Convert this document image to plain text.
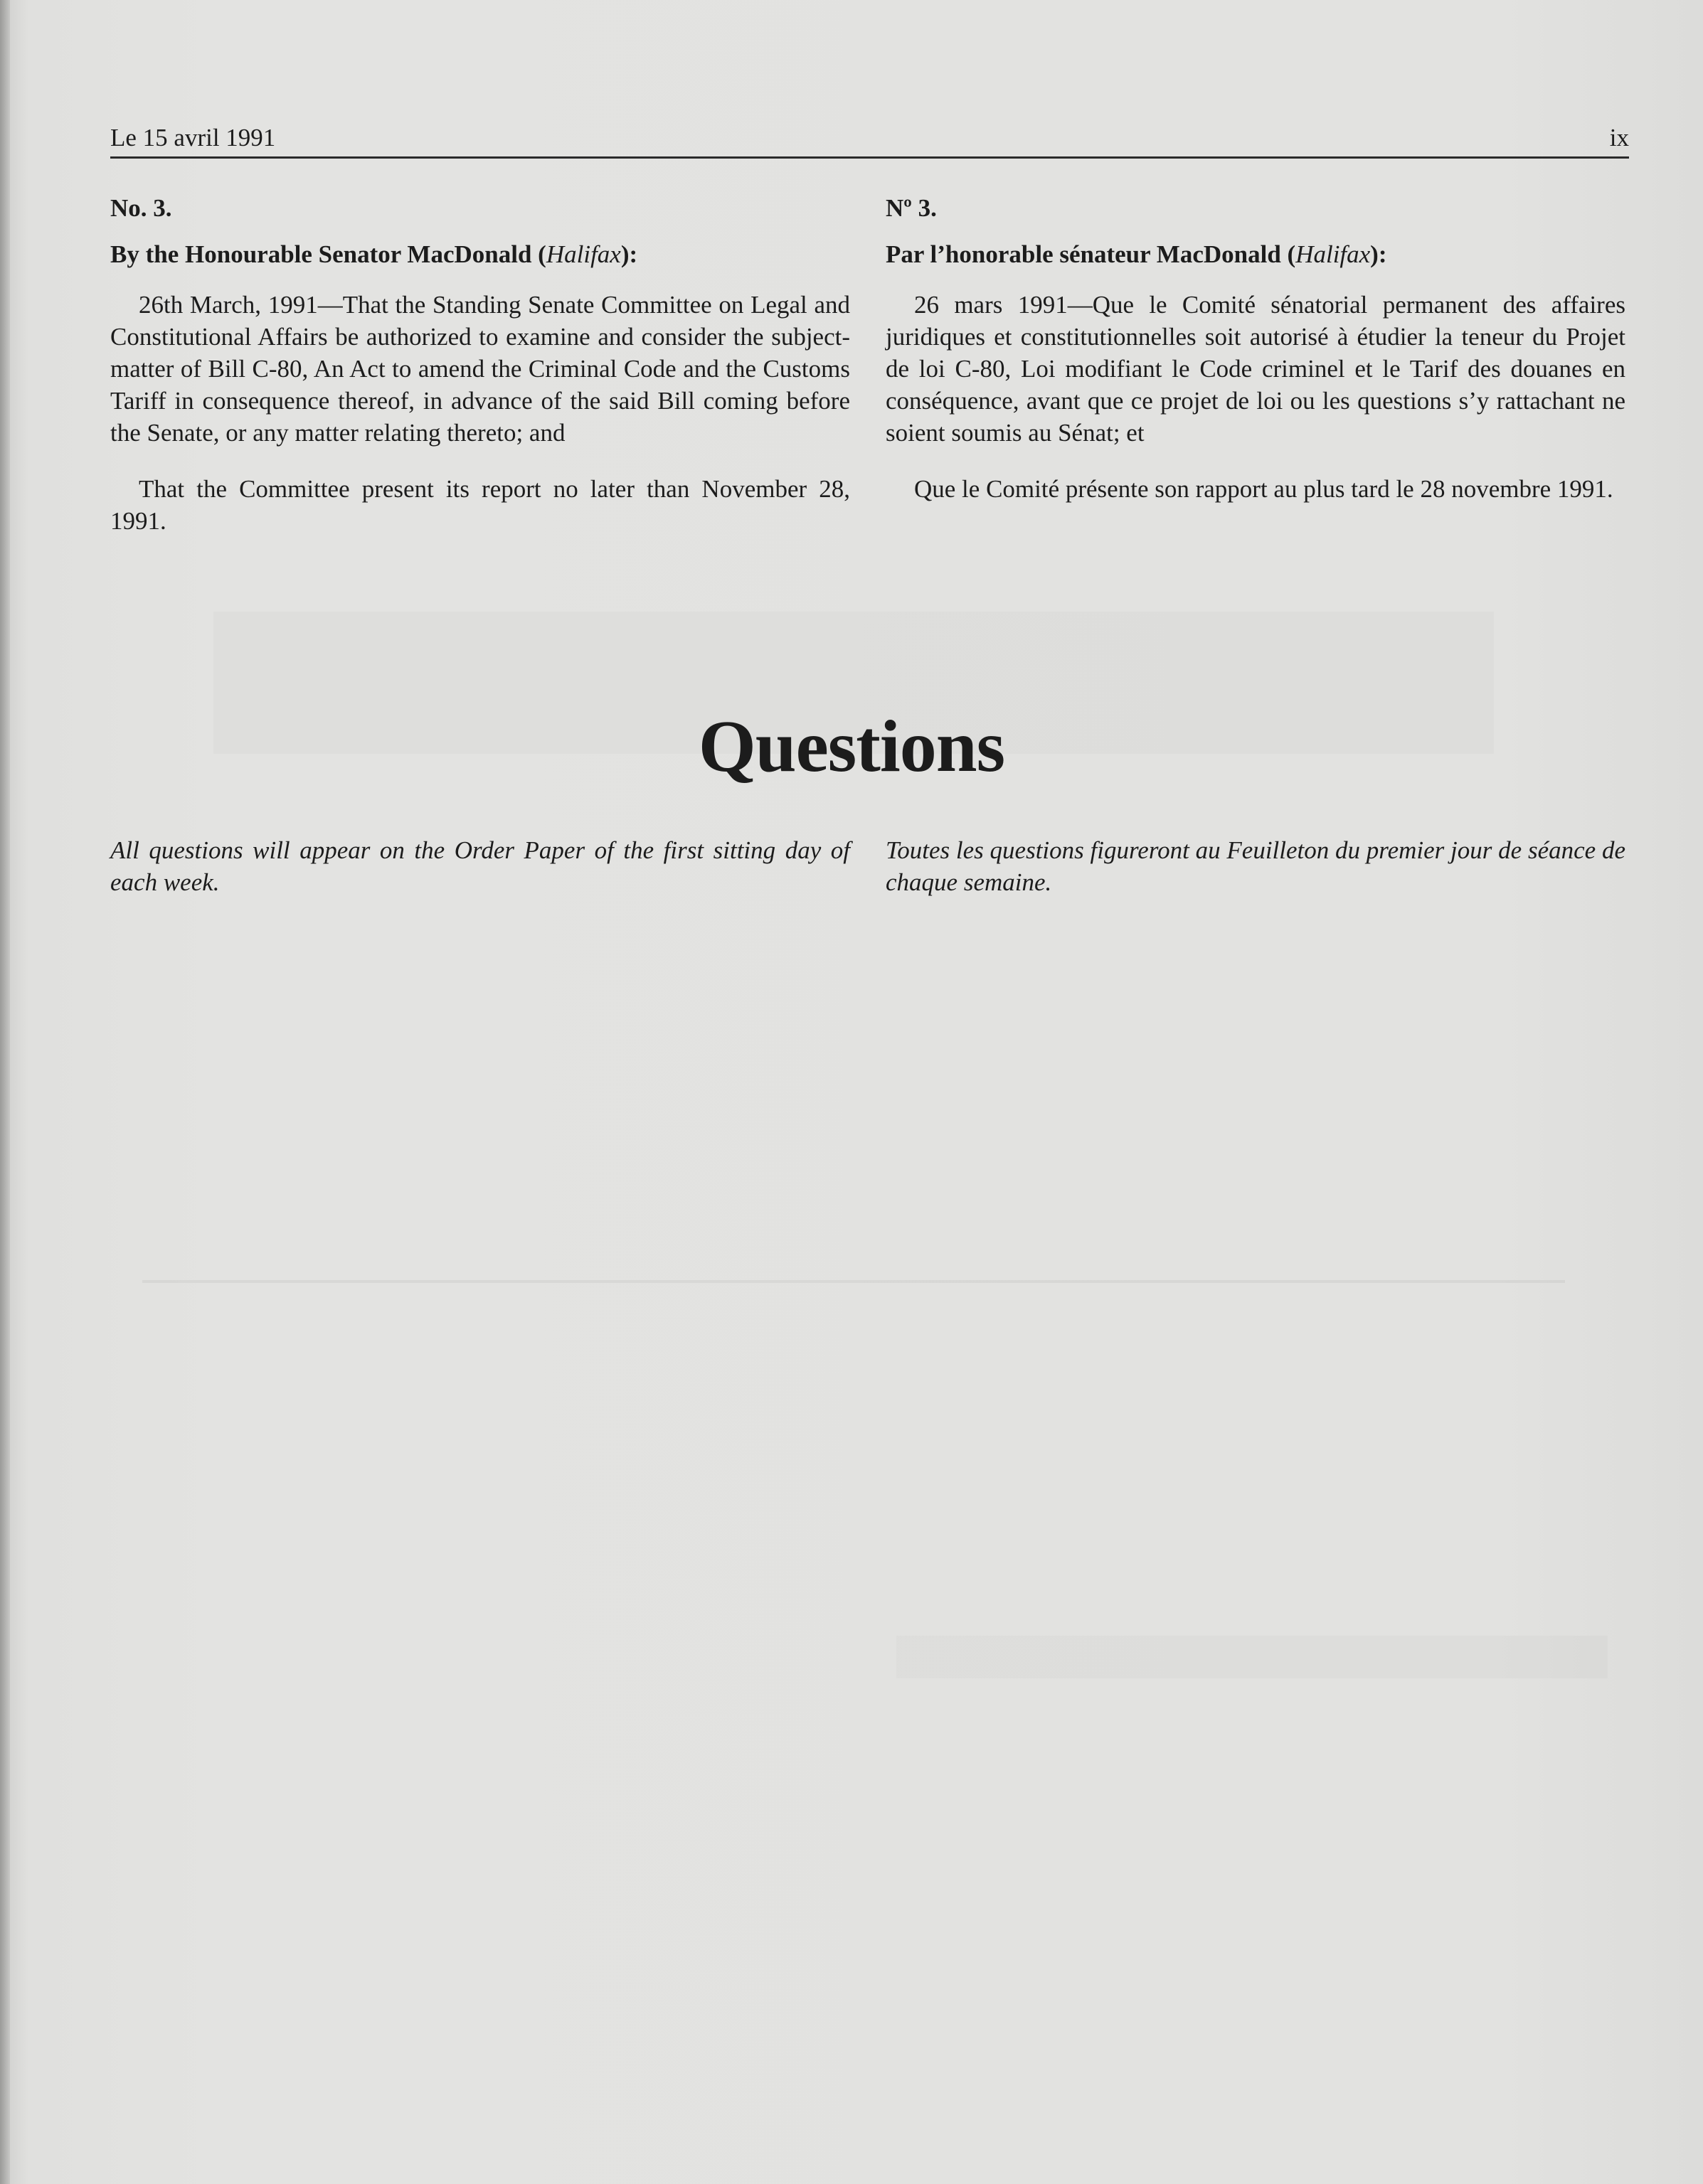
Le 15 avril 1991	ix
No. 3.
By the Honourable Senator MacDonald (Halifax):

26th March, 1991—That the Standing Senate Committee on Legal and Constitutional Affairs be authorized to examine and consider the subject-matter of Bill C-80, An Act to amend the Criminal Code and the Customs Tariff in consequence thereof, in advance of the said Bill coming before the Senate, or any matter relating thereto; and

That the Committee present its report no later than November 28, 1991.

Nº 3.
Par l’honorable sénateur MacDonald (Halifax):

26 mars 1991—Que le Comité sénatorial permanent des affaires juridiques et constitutionnelles soit autorisé à étudier la teneur du Projet de loi C-80, Loi modifiant le Code criminel et le Tarif des douanes en conséquence, avant que ce projet de loi ou les questions s’y rattachant ne soient soumis au Sénat; et

Que le Comité présente son rapport au plus tard le 28 novembre 1991.

Questions

All questions will appear on the Order Paper of the first sitting day of each week.

Toutes les questions figureront au Feuilleton du premier jour de séance de chaque semaine.
